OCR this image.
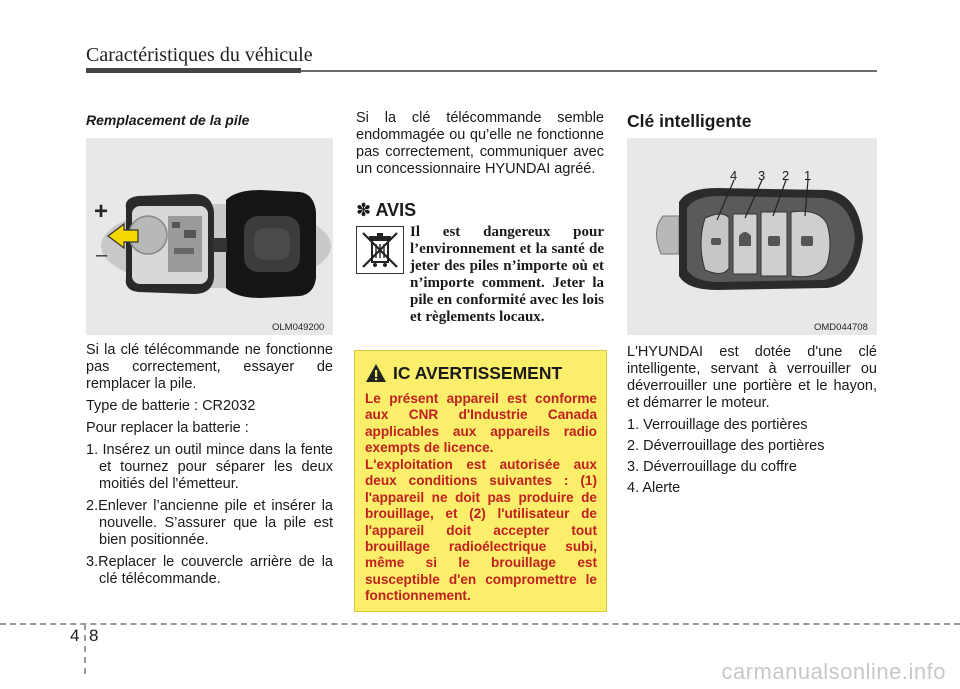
Caractéristiques du véhicule
Remplacement de la pile
+
–
OLM049200

Si la clé télécommande ne fonctionne pas correctement, essayer de remplacer la pile.

Type de batterie : CR2032

Pour replacer la batterie :

1. Insérez un outil mince dans la fente et tournez pour séparer les deux moitiés del l'émetteur.

2.Enlever l’ancienne pile et insérer la nouvelle. S’assurer que la pile est bien positionnée.

3.Replacer le couvercle arrière de la clé télécommande.

Si la clé télécommande semble endommagée ou qu’elle ne fonctionne pas correctement, communiquer avec un concessionnaire HYUNDAI agréé.
✽ AVIS
Il est dangereux pour l’environnement et la santé de jeter des piles n’importe où et n’importe comment. Jeter la pile en conformité avec les lois et règlements locaux.
IC AVERTISSEMENT
Le présent appareil est conforme aux CNR d'Industrie Canada applicables aux appareils radio exempts de licence.
L'exploitation est autorisée aux deux conditions suivantes : (1) l'appareil ne doit pas produire de brouillage, et (2) l'utilisateur de l'appareil doit accepter tout brouillage radioélectrique subi, même si le brouillage est susceptible d'en compromettre le fonctionnement.
Clé intelligente
4 3 2 1
OMD044708

L'HYUNDAI est dotée d'une clé intelligente, servant à verrouiller ou déverrouiller une portière et le hayon, et démarrer le moteur.

1. Verrouillage des portières

2. Déverrouillage des portières

3. Déverrouillage du coffre

4. Alerte

4 8
carmanualsonline.info
